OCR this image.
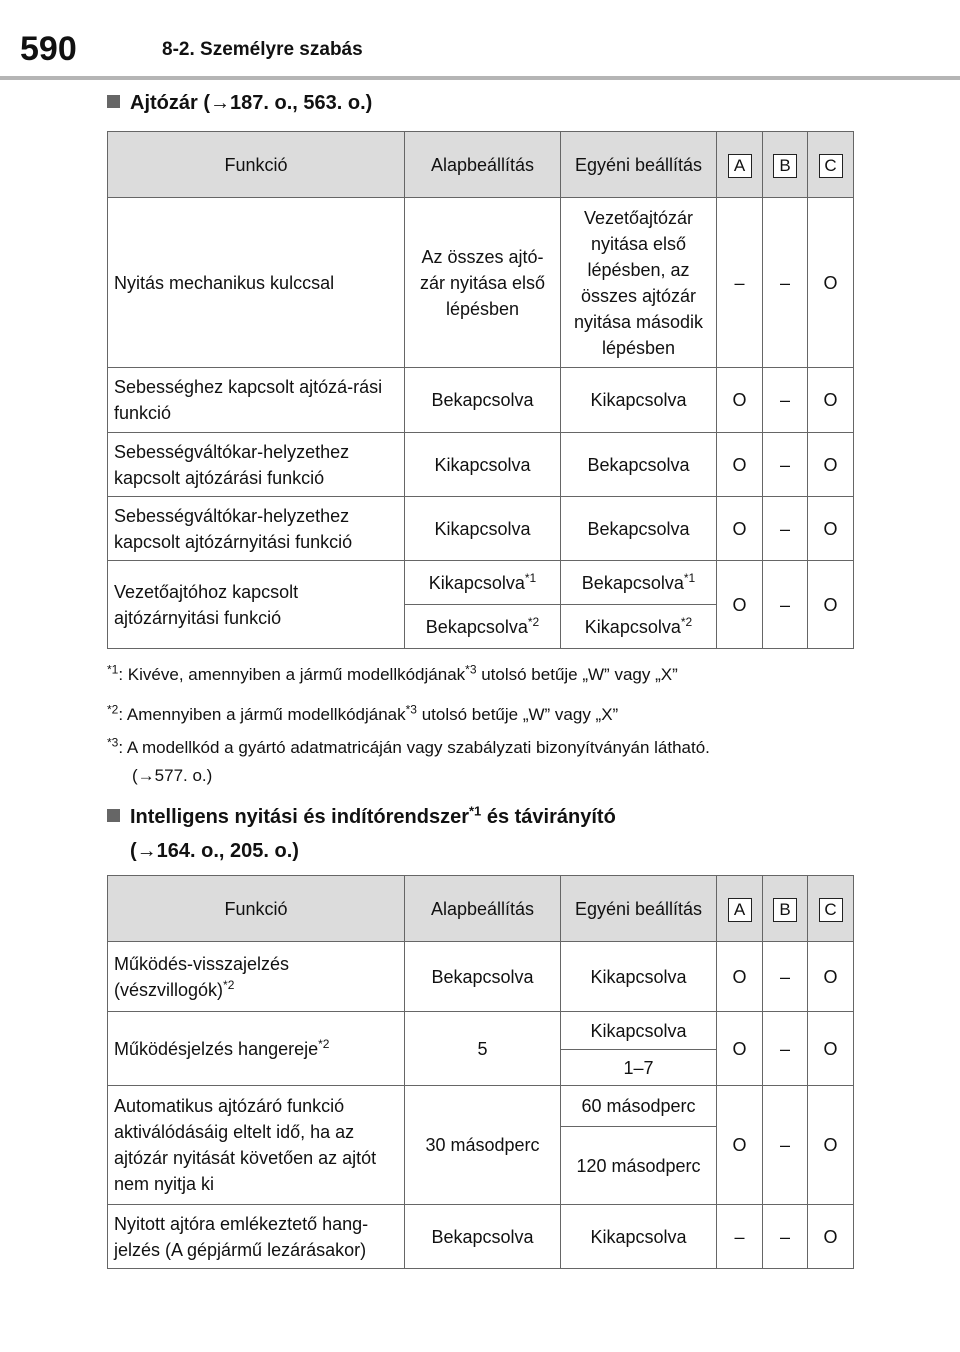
590	8-2. Személyre szabás
Ajtózár (→187. o., 563. o.)
Funkció	Alapbeállítás	Egyéni beállítás	A	B	C
Nyitás mechanikus kulccsal	Az összes ajtó-zár nyitása első lépésben	Vezetőajtózár nyitása első lépésben, az összes ajtózár nyitása második lépésben	–	–	O
Sebességhez kapcsolt ajtózá-rási funkció	Bekapcsolva	Kikapcsolva	O	–	O
Sebességváltókar-helyzethez kapcsolt ajtózárási funkció	Kikapcsolva	Bekapcsolva	O	–	O
Sebességváltókar-helyzethez kapcsolt ajtózárnyitási funkció	Kikapcsolva	Bekapcsolva	O	–	O
Vezetőajtóhoz kapcsolt ajtózárnyitási funkció	Kikapcsolva$^{*1}$	Bekapcsolva$^{*1}$	O	–	O
	Bekapcsolva$^{*2}$	Kikapcsolva$^{*2}$
$^{*1}$: Kivéve, amennyiben a jármű modellkódjának$^{*3}$ utolsó betűje „W” vagy „X”
$^{*2}$: Amennyiben a jármű modellkódjának$^{*3}$ utolsó betűje „W” vagy „X”
$^{*3}$: A modellkód a gyártó adatmatricáján vagy szabályzati bizonyítványán látható.
(→577. o.)
Intelligens nyitási és indítórendszer$^{*1}$ és távirányító
(→164. o., 205. o.)
Funkció	Alapbeállítás	Egyéni beállítás	A	B	C
Működés-visszajelzés (vészvillogók)$^{*2}$	Bekapcsolva	Kikapcsolva	O	–	O
Működésjelzés hangereje$^{*2}$	5	Kikapcsolva	O	–	O
		1–7			
Automatikus ajtózáró funkció aktiválódásáig eltelt idő, ha az ajtózár nyitását követően az ajtót nem nyitja ki	30 másodperc	60 másodperc	O	–	O
		120 másodperc			
Nyitott ajtóra emlékeztető hang-jelzés (A gépjármű lezárásakor)	Bekapcsolva	Kikapcsolva	–	–	O
